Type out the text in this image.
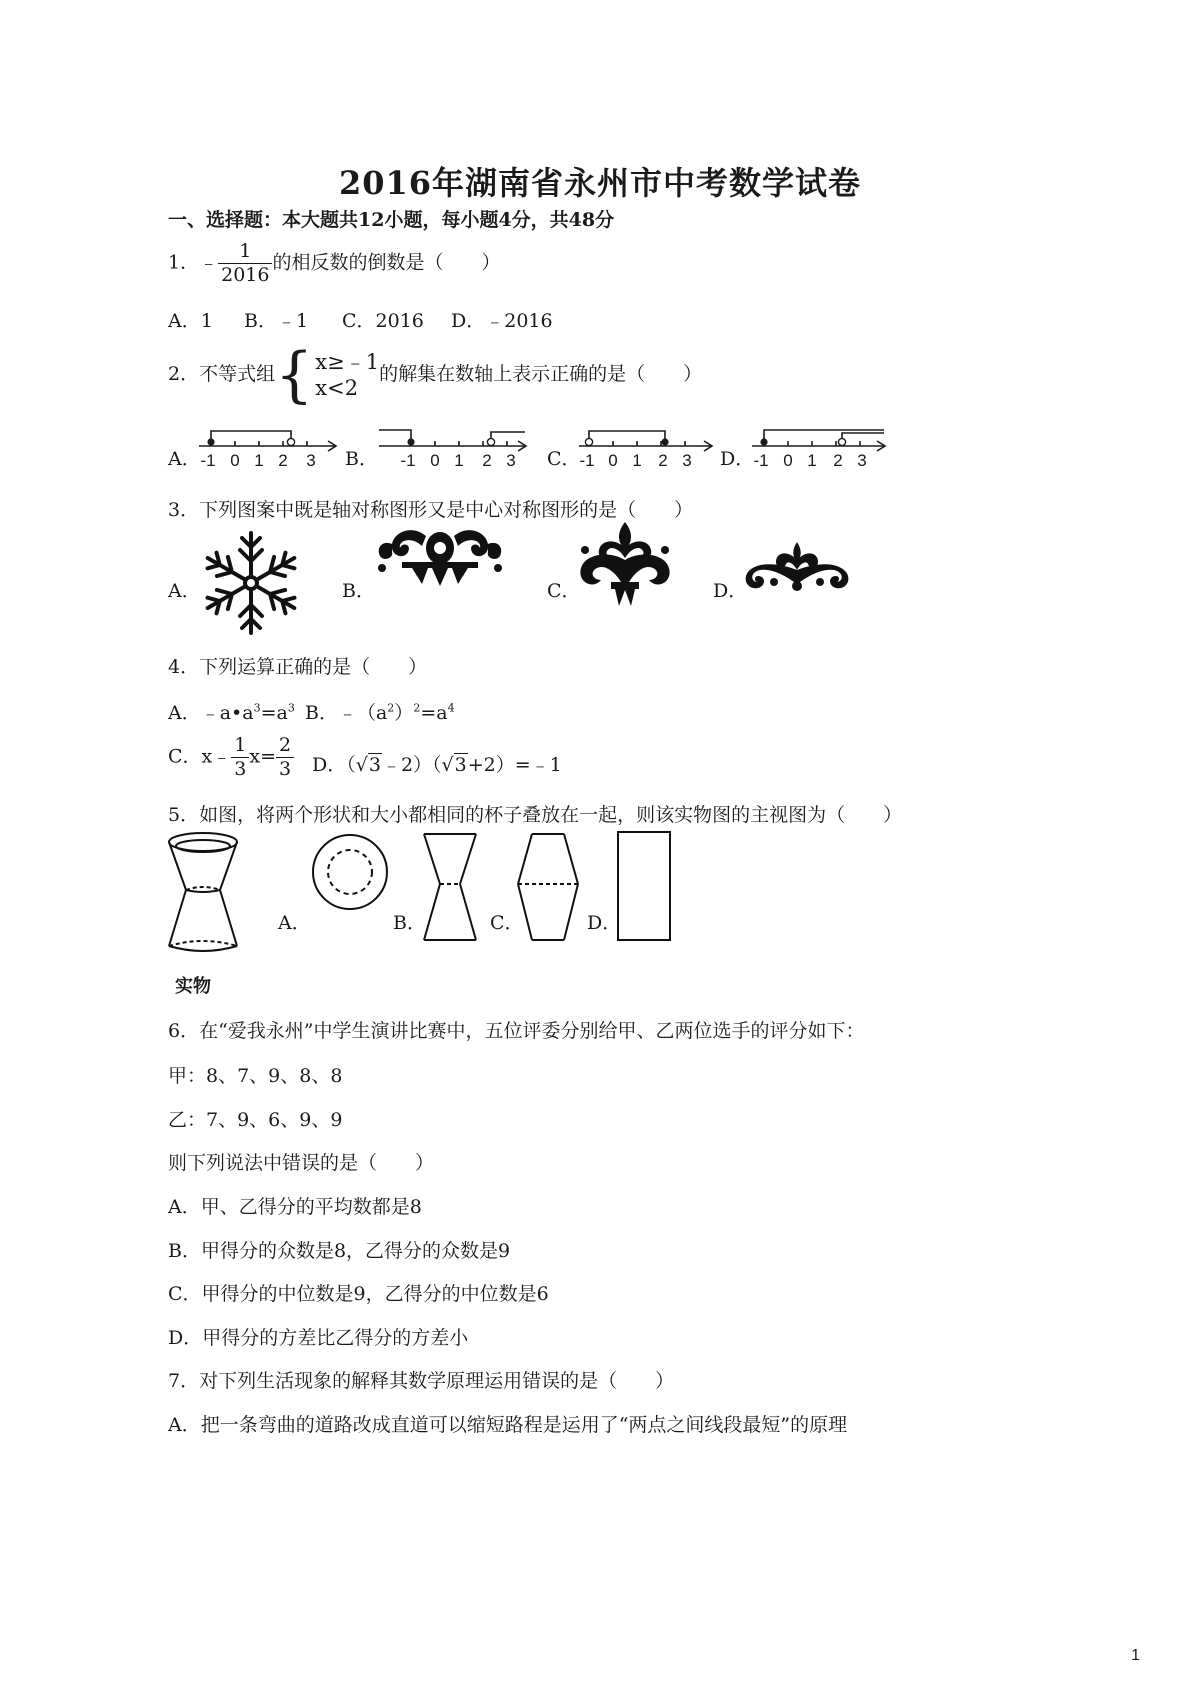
2016年湖南省永州市中考数学试卷
一、选择题：本大题共12小题，每小题4分，共48分
1．﹣ $\frac{1}{2016}$ 的相反数的倒数是（　　）
A．1 B．﹣1 C．2016 D．﹣2016
2．不等式组 { x≥﹣1
x<2
的解集在数轴上表示正确的是（　　）
A．	B．	C．	D．
-1 0 1 2 3	-1 0 1 2 3	-1 0 1 2 3	-1 0 1 2 3
3．下列图案中既是轴对称图形又是中心对称图形的是（　　）
A．	B．	C．	D．
4．下列运算正确的是（　　）
A．$﹣a•a^3=a^3$ B．$﹣(a^2)^2=a^4$
C．x﹣ $\frac{1}{3} x= \frac{2}{3}$ D．（√3﹣2）（√3+2）=﹣1
5．如图，将两个形状和大小都相同的杯子叠放在一起，则该实物图的主视图为（　　）
实物
A．	B．	C．	D．
6．在“爱我永州”中学生演讲比赛中，五位评委分别给甲、乙两位选手的评分如下：
甲：8、7、9、8、8
乙：7、9、6、9、9
则下列说法中错误的是（　　）
A．甲、乙得分的平均数都是8
B．甲得分的众数是8，乙得分的众数是9
C．甲得分的中位数是9，乙得分的中位数是6
D．甲得分的方差比乙得分的方差小
7．对下列生活现象的解释其数学原理运用错误的是（　　）
A．把一条弯曲的道路改成直道可以缩短路程是运用了“两点之间线段最短”的原理
1
